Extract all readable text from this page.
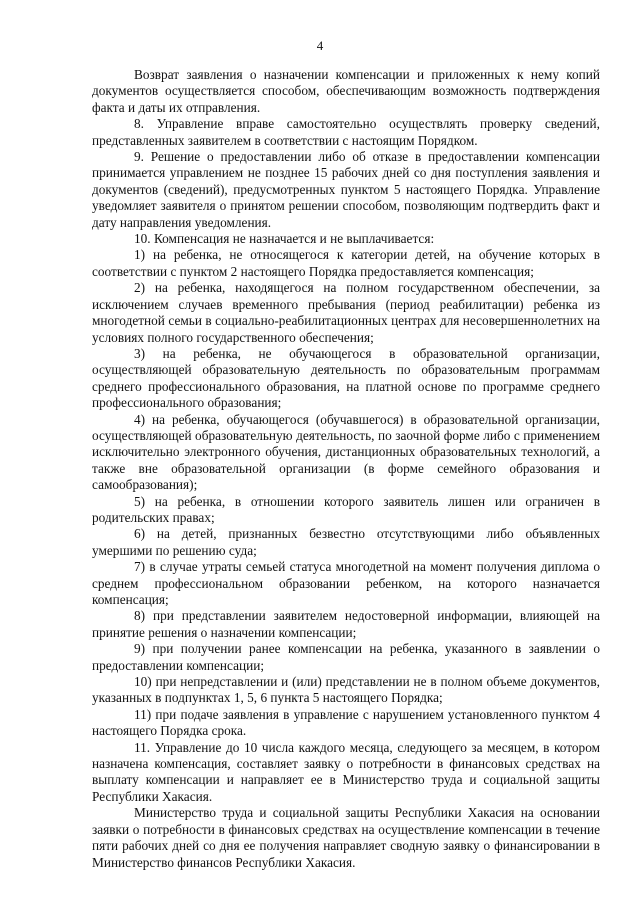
4

Возврат заявления о назначении компенсации и приложенных к нему копий документов осуществляется способом, обеспечивающим возможность подтверждения факта и даты их отправления.

8. Управление вправе самостоятельно осуществлять проверку сведений, представленных заявителем в соответствии с настоящим Порядком.

9. Решение о предоставлении либо об отказе в предоставлении компенсации принимается управлением не позднее 15 рабочих дней со дня поступления заявления и документов (сведений), предусмотренных пунктом 5 настоящего Порядка. Управление уведомляет заявителя о принятом решении способом, позволяющим подтвердить факт и дату направления уведомления.

10. Компенсация не назначается и не выплачивается:

1) на ребенка, не относящегося к категории детей, на обучение которых в соответствии с пунктом 2 настоящего Порядка предоставляется компенсация;

2) на ребенка, находящегося на полном государственном обеспечении, за исключением случаев временного пребывания (период реабилитации) ребенка из многодетной семьи в социально-реабилитационных центрах для несовершеннолетних на условиях полного государственного обеспечения;

3) на ребенка, не обучающегося в образовательной организации, осуществляющей образовательную деятельность по образовательным программам среднего профессионального образования, на платной основе по программе среднего профессионального образования;

4) на ребенка, обучающегося (обучавшегося) в образовательной организации, осуществляющей образовательную деятельность, по заочной форме либо с применением исключительно электронного обучения, дистанционных образовательных технологий, а также вне образовательной организации (в форме семейного образования и самообразования);

5) на ребенка, в отношении которого заявитель лишен или ограничен в родительских правах;

6) на детей, признанных безвестно отсутствующими либо объявленных умершими по решению суда;

7) в случае утраты семьей статуса многодетной на момент получения диплома о среднем профессиональном образовании ребенком, на которого назначается компенсация;

8) при представлении заявителем недостоверной информации, влияющей на принятие решения о назначении компенсации;

9) при получении ранее компенсации на ребенка, указанного в заявлении о предоставлении компенсации;

10) при непредставлении и (или) представлении не в полном объеме документов, указанных в подпунктах 1, 5, 6 пункта 5 настоящего Порядка;

11) при подаче заявления в управление с нарушением установленного пунктом 4 настоящего Порядка срока.

11. Управление до 10 числа каждого месяца, следующего за месяцем, в котором назначена компенсация, составляет заявку о потребности в финансовых средствах на выплату компенсации и направляет ее в Министерство труда и социальной защиты Республики Хакасия.

Министерство труда и социальной защиты Республики Хакасия на основании заявки о потребности в финансовых средствах на осуществление компенсации в течение пяти рабочих дней со дня ее получения направляет сводную заявку о финансировании в Министерство финансов Республики Хакасия.
